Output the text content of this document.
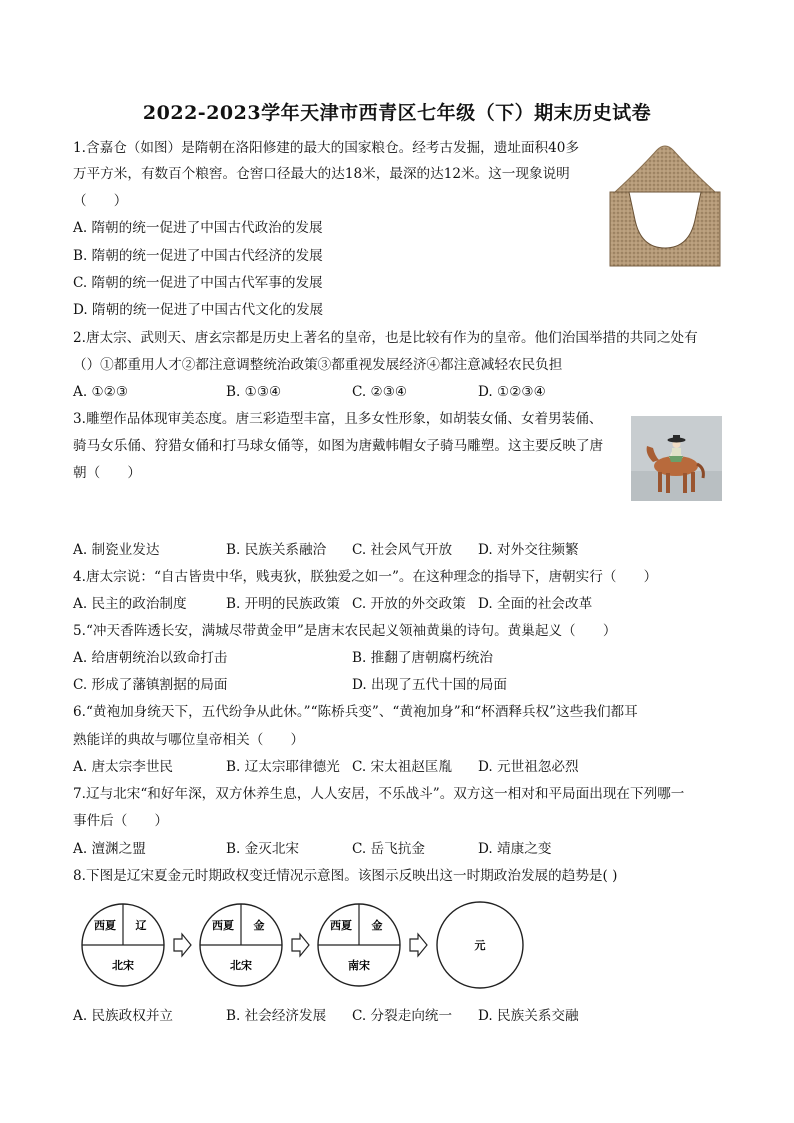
2022-2023学年天津市西青区七年级（下）期末历史试卷
1.含嘉仓（如图）是隋朝在洛阳修建的最大的国家粮仓。经考古发掘，遗址面积40多
万平方米，有数百个粮窖。仓窖口径最大的达18米，最深的达12米。这一现象说明
（　　）
A. 隋朝的统一促进了中国古代政治的发展
B. 隋朝的统一促进了中国古代经济的发展
C. 隋朝的统一促进了中国古代军事的发展
D. 隋朝的统一促进了中国古代文化的发展
2.唐太宗、武则天、唐玄宗都是历史上著名的皇帝，也是比较有作为的皇帝。他们治国举措的共同之处有
（）①都重用人才②都注意调整统治政策③都重视发展经济④都注意减轻农民负担
A. ①②③	B. ①③④	C. ②③④	D. ①②③④
3.雕塑作品体现审美态度。唐三彩造型丰富，且多女性形象，如胡装女俑、女着男装俑、
骑马女乐俑、狩猎女俑和打马球女俑等，如图为唐戴帏帽女子骑马雕塑。这主要反映了唐
朝（　　）
A. 制瓷业发达	B. 民族关系融洽 C. 社会风气开放 D. 对外交往频繁
4.唐太宗说：“自古皆贵中华，贱夷狄，朕独爱之如一”。在这种理念的指导下，唐朝实行（　　）
A. 民主的政治制度	B. 开明的民族政策 C. 开放的外交政策 D. 全面的社会改革
5.“冲天香阵透长安，满城尽带黄金甲”是唐末农民起义领袖黄巢的诗句。黄巢起义（　　）
A. 给唐朝统治以致命打击	B. 推翻了唐朝腐朽统治
C. 形成了藩镇割据的局面	D. 出现了五代十国的局面
6.“黄袍加身统天下，五代纷争从此休。”“陈桥兵变”、“黄袍加身”和“杯酒释兵权”这些我们都耳
熟能详的典故与哪位皇帝相关（　　）
A. 唐太宗李世民	B. 辽太宗耶律德光 C. 宋太祖赵匡胤 D. 元世祖忽必烈
7.辽与北宋“和好年深，双方休养生息，人人安居，不乐战斗”。双方这一相对和平局面出现在下列哪一
事件后（　　）
A. 澶渊之盟	B. 金灭北宋	C. 岳飞抗金	D. 靖康之变
8.下图是辽宋夏金元时期政权变迁情况示意图。该图示反映出这一时期政治发展的趋势是( )
西夏 辽
北宋
西夏 金
北宋
西夏 金
南宋
元
A. 民族政权并立	B. 社会经济发展 C. 分裂走向统一 D. 民族关系交融
